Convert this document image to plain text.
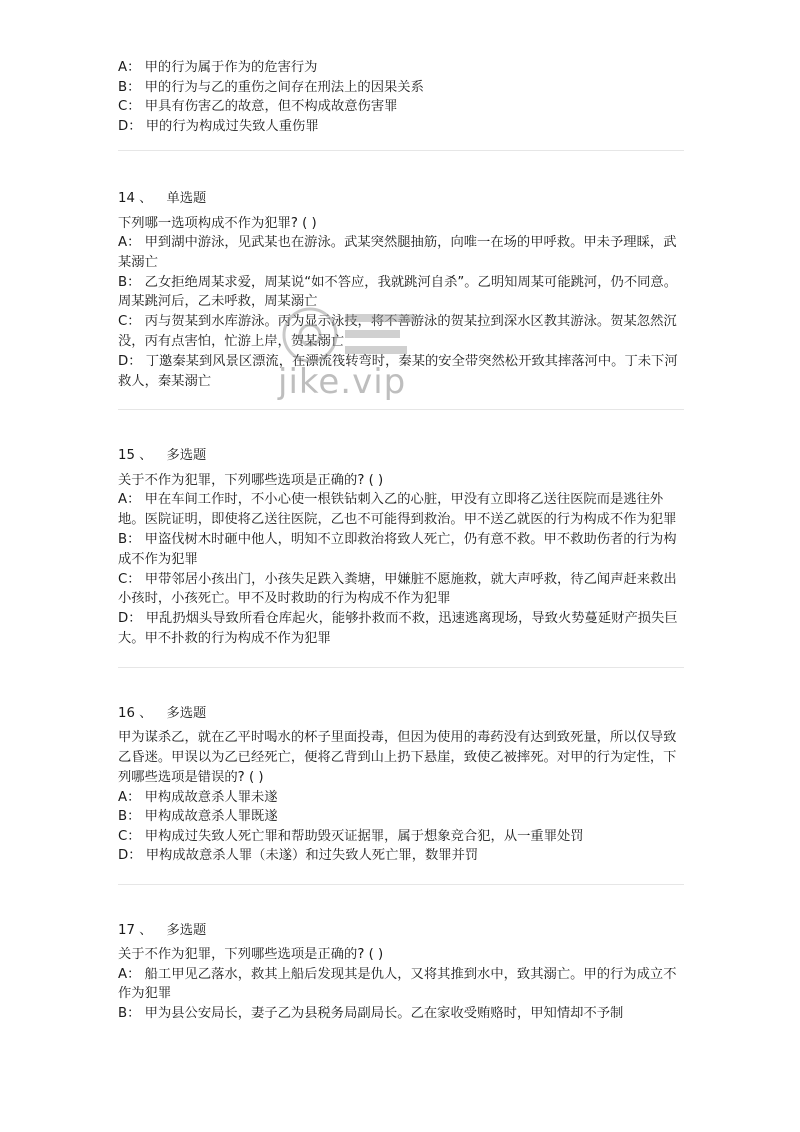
A： 甲的行为属于作为的危害行为
B： 甲的行为与乙的重伤之间存在刑法上的因果关系
C： 甲具有伤害乙的故意，但不构成故意伤害罪
D： 甲的行为构成过失致人重伤罪
14 、 单选题
下列哪一选项构成不作为犯罪? ( )
A： 甲到湖中游泳，见武某也在游泳。武某突然腿抽筋，向唯一在场的甲呼救。甲未予理睬，武某溺亡
B： 乙女拒绝周某求爱，周某说“如不答应，我就跳河自杀”。乙明知周某可能跳河，仍不同意。周某跳河后，乙未呼救，周某溺亡
C： 丙与贺某到水库游泳。丙为显示泳技，将不善游泳的贺某拉到深水区教其游泳。贺某忽然沉没，丙有点害怕，忙游上岸，贺某溺亡
D： 丁邀秦某到风景区漂流，在漂流筏转弯时，秦某的安全带突然松开致其摔落河中。丁未下河救人，秦某溺亡
15 、 多选题
关于不作为犯罪，下列哪些选项是正确的? ( )
A： 甲在车间工作时，不小心使一根铁钻刺入乙的心脏，甲没有立即将乙送往医院而是逃往外地。医院证明，即使将乙送往医院，乙也不可能得到救治。甲不送乙就医的行为构成不作为犯罪
B： 甲盗伐树木时砸中他人，明知不立即救治将致人死亡，仍有意不救。甲不救助伤者的行为构成不作为犯罪
C： 甲带邻居小孩出门，小孩失足跌入粪塘，甲嫌脏不愿施救，就大声呼救，待乙闻声赶来救出小孩时，小孩死亡。甲不及时救助的行为构成不作为犯罪
D： 甲乱扔烟头导致所看仓库起火，能够扑救而不救，迅速逃离现场，导致火势蔓延财产损失巨大。甲不扑救的行为构成不作为犯罪
16 、 多选题
甲为谋杀乙，就在乙平时喝水的杯子里面投毒，但因为使用的毒药没有达到致死量，所以仅导致乙昏迷。甲误以为乙已经死亡，便将乙背到山上扔下悬崖，致使乙被摔死。对甲的行为定性，下列哪些选项是错误的? ( )
A： 甲构成故意杀人罪未遂
B： 甲构成故意杀人罪既遂
C： 甲构成过失致人死亡罪和帮助毁灭证据罪，属于想象竞合犯，从一重罪处罚
D： 甲构成故意杀人罪（未遂）和过失致人死亡罪，数罪并罚
17 、 多选题
关于不作为犯罪，下列哪些选项是正确的? ( )
A： 船工甲见乙落水，救其上船后发现其是仇人，又将其推到水中，致其溺亡。甲的行为成立不作为犯罪
B： 甲为县公安局长，妻子乙为县税务局副局长。乙在家收受贿赂时，甲知情却不予制
jike.vip
